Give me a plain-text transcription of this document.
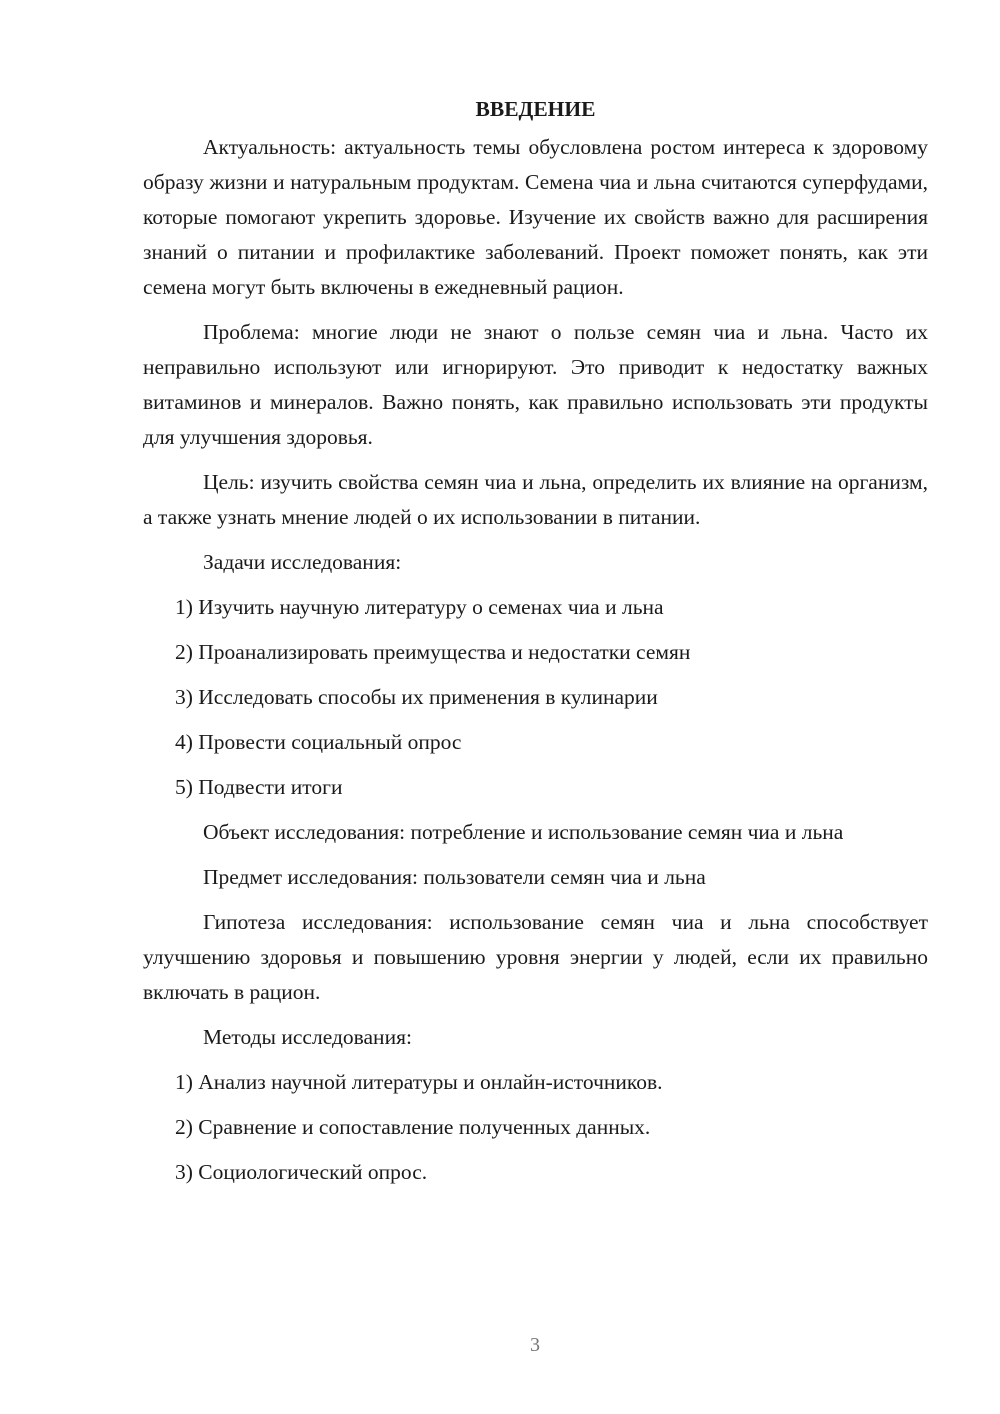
ВВЕДЕНИЕ

Актуальность: актуальность темы обусловлена ростом интереса к здоровому образу жизни и натуральным продуктам. Семена чиа и льна считаются суперфудами, которые помогают укрепить здоровье. Изучение их свойств важно для расширения знаний о питании и профилактике заболеваний. Проект поможет понять, как эти семена могут быть включены в ежедневный рацион.

Проблема: многие люди не знают о пользе семян чиа и льна. Часто их неправильно используют или игнорируют. Это приводит к недостатку важных витаминов и минералов. Важно понять, как правильно использовать эти продукты для улучшения здоровья.

Цель: изучить свойства семян чиа и льна, определить их влияние на организм, а также узнать мнение людей о их использовании в питании.

Задачи исследования:

1) Изучить научную литературу о семенах чиа и льна
2) Проанализировать преимущества и недостатки семян
3) Исследовать способы их применения в кулинарии
4) Провести социальный опрос
5) Подвести итоги

Объект исследования: потребление и использование семян чиа и льна

Предмет исследования: пользователи семян чиа и льна

Гипотеза исследования: использование семян чиа и льна способствует улучшению здоровья и повышению уровня энергии у людей, если их правильно включать в рацион.

Методы исследования:

1) Анализ научной литературы и онлайн-источников.
2) Сравнение и сопоставление полученных данных.
3) Социологический опрос.
3
